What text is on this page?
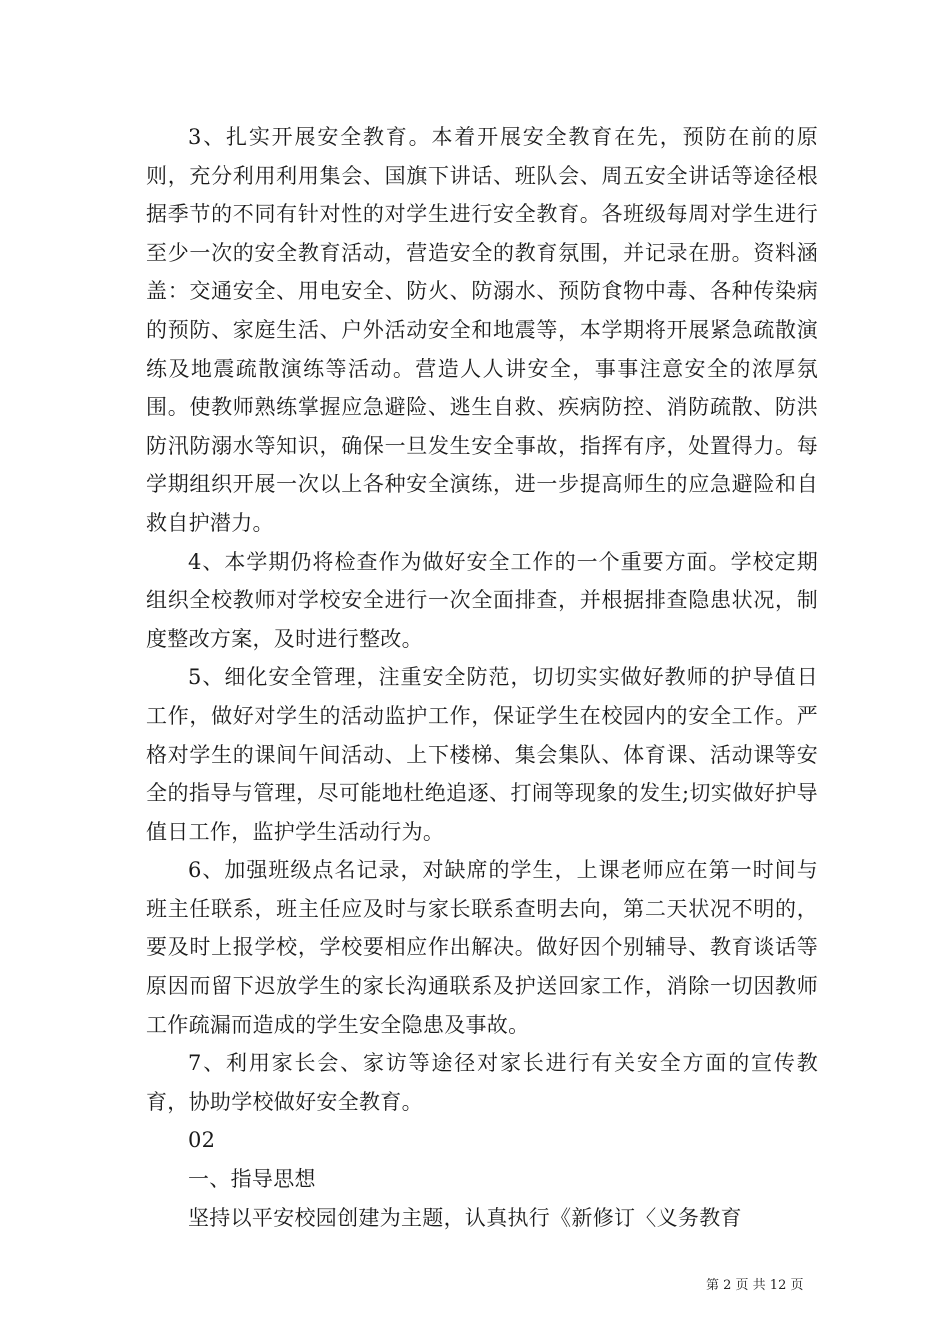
3、扎实开展安全教育。本着开展安全教育在先，预防在前的原则，充分利用利用集会、国旗下讲话、班队会、周五安全讲话等途径根据季节的不同有针对性的对学生进行安全教育。各班级每周对学生进行至少一次的安全教育活动，营造安全的教育氛围，并记录在册。资料涵盖：交通安全、用电安全、防火、防溺水、预防食物中毒、各种传染病的预防、家庭生活、户外活动安全和地震等，本学期将开展紧急疏散演练及地震疏散演练等活动。营造人人讲安全，事事注意安全的浓厚氛围。使教师熟练掌握应急避险、逃生自救、疾病防控、消防疏散、防洪防汛防溺水等知识，确保一旦发生安全事故，指挥有序，处置得力。每学期组织开展一次以上各种安全演练，进一步提高师生的应急避险和自救自护潜力。

4、本学期仍将检查作为做好安全工作的一个重要方面。学校定期组织全校教师对学校安全进行一次全面排查，并根据排查隐患状况，制度整改方案，及时进行整改。

5、细化安全管理，注重安全防范，切切实实做好教师的护导值日工作，做好对学生的活动监护工作，保证学生在校园内的安全工作。严格对学生的课间午间活动、上下楼梯、集会集队、体育课、活动课等安全的指导与管理，尽可能地杜绝追逐、打闹等现象的发生;切实做好护导值日工作，监护学生活动行为。

6、加强班级点名记录，对缺席的学生，上课老师应在第一时间与班主任联系，班主任应及时与家长联系查明去向，第二天状况不明的，要及时上报学校，学校要相应作出解决。做好因个别辅导、教育谈话等原因而留下迟放学生的家长沟通联系及护送回家工作，消除一切因教师工作疏漏而造成的学生安全隐患及事故。

7、利用家长会、家访等途径对家长进行有关安全方面的宣传教育，协助学校做好安全教育。

02

一、指导思想

坚持以平安校园创建为主题，认真执行《新修订〈义务教育

第 2 页 共 12 页
